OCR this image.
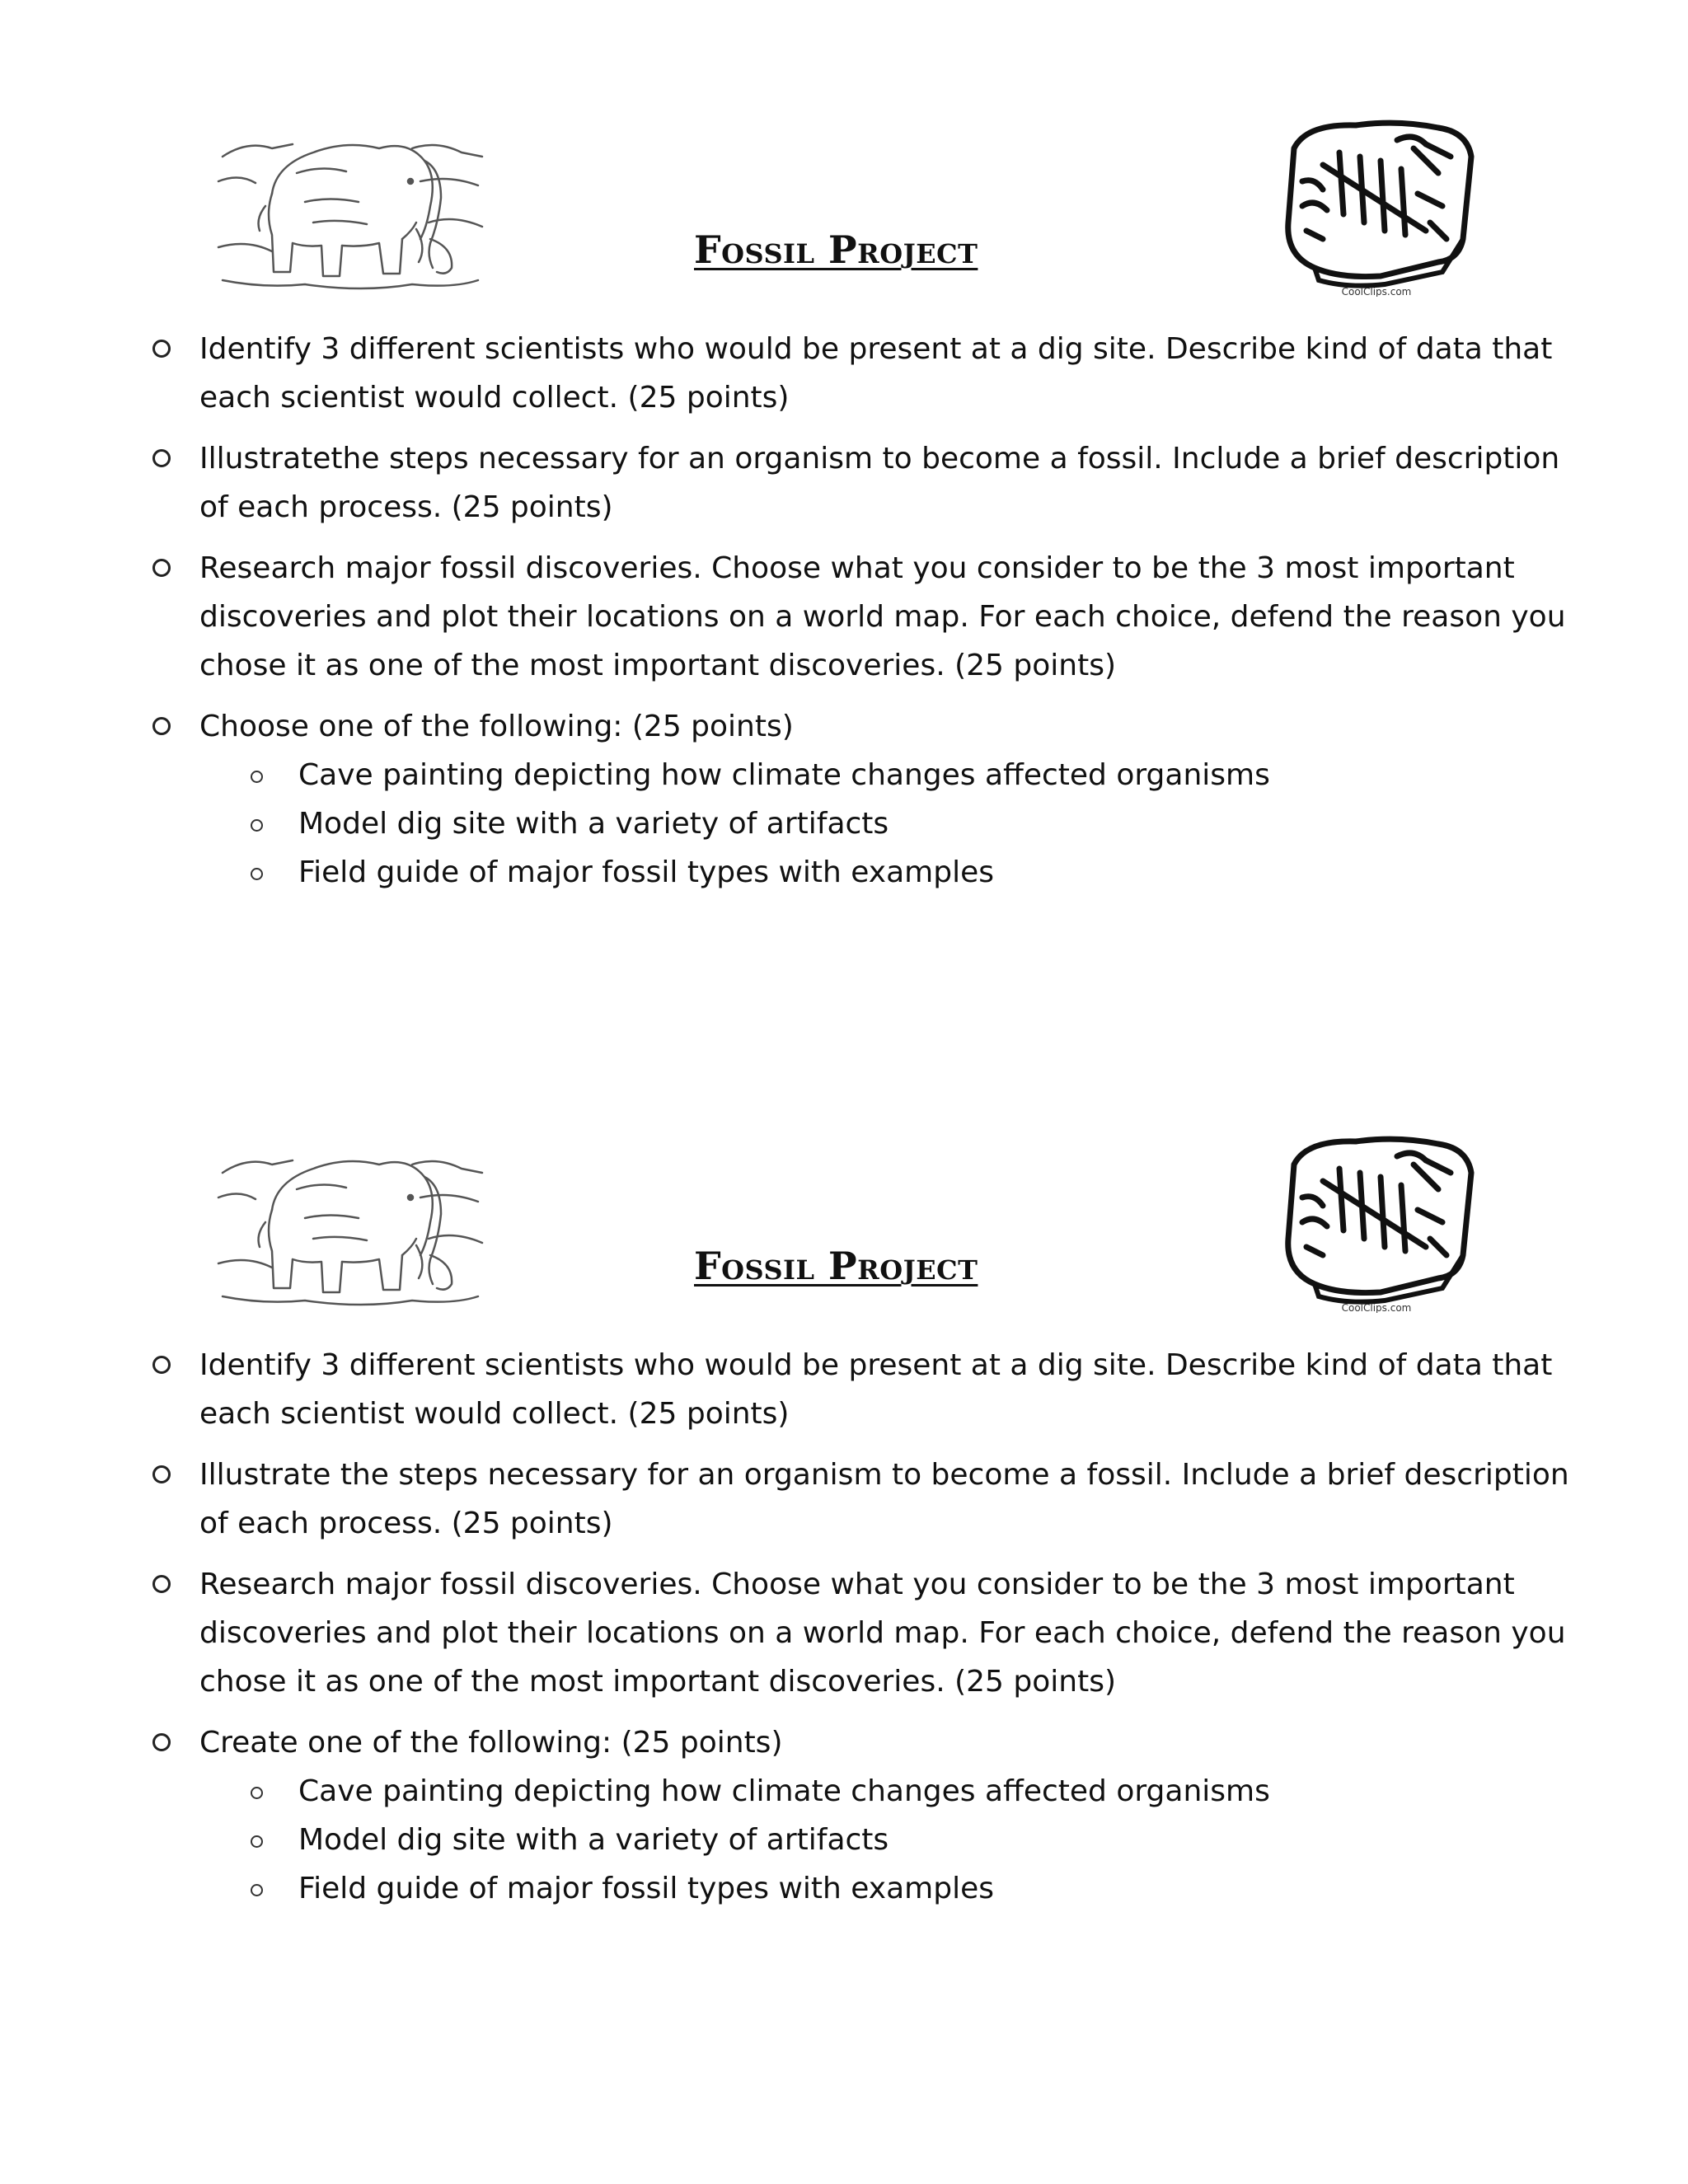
CoolClips.com
Fossil Project
Identify 3 different scientists who would be present at a dig site. Describe kind of data that each scientist would collect. (25 points)
Illustratethe steps necessary for an organism to become a fossil. Include a brief description of each process. (25 points)
Research major fossil discoveries. Choose what you consider to be the 3 most important discoveries and plot their locations on a world map. For each choice, defend the reason you chose it as one of the most important discoveries. (25 points)
Choose one of the following: (25 points)
Cave painting depicting how climate changes affected organisms
Model dig site with a variety of artifacts
Field guide of major fossil types with examples
CoolClips.com
Fossil Project
Identify 3 different scientists who would be present at a dig site. Describe kind of data that each scientist would collect. (25 points)
Illustrate the steps necessary for an organism to become a fossil. Include a brief description of each process. (25 points)
Research major fossil discoveries. Choose what you consider to be the 3 most important discoveries and plot their locations on a world map. For each choice, defend the reason you chose it as one of the most important discoveries. (25 points)
Create one of the following: (25 points)
Cave painting depicting how climate changes affected organisms
Model dig site with a variety of artifacts
Field guide of major fossil types with examples
